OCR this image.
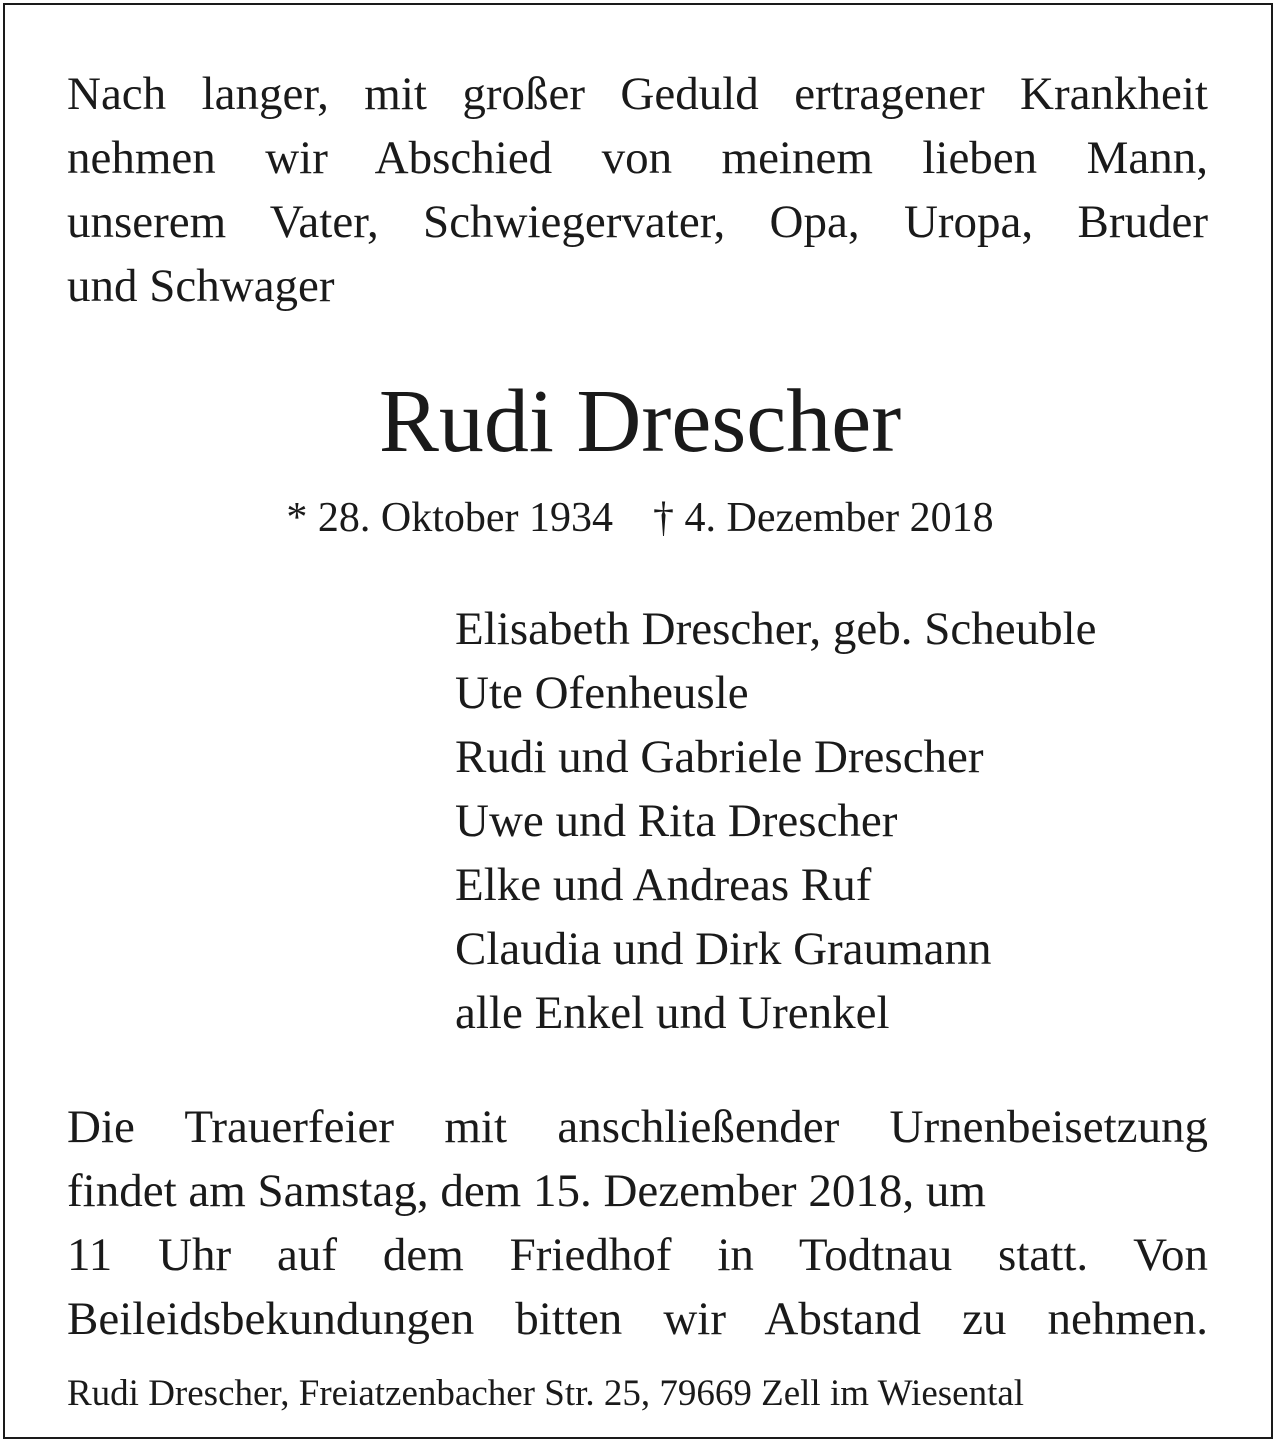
Nach langer, mit großer Geduld ertragener Krankheit
nehmen wir Abschied von meinem lieben Mann,
unserem Vater, Schwiegervater, Opa, Uropa, Bruder
und Schwager
Rudi Drescher
* 28. Oktober 1934 † 4. Dezember 2018
Elisabeth Drescher, geb. Scheuble
Ute Ofenheusle
Rudi und Gabriele Drescher
Uwe und Rita Drescher
Elke und Andreas Ruf
Claudia und Dirk Graumann
alle Enkel und Urenkel
Die Trauerfeier mit anschließender Urnenbeisetzung
findet am Samstag, dem 15. Dezember 2018, um
11 Uhr auf dem Friedhof in Todtnau statt. Von
Beileidsbekundungen bitten wir Abstand zu nehmen.
Rudi Drescher, Freiatzenbacher Str. 25, 79669 Zell im Wiesental
